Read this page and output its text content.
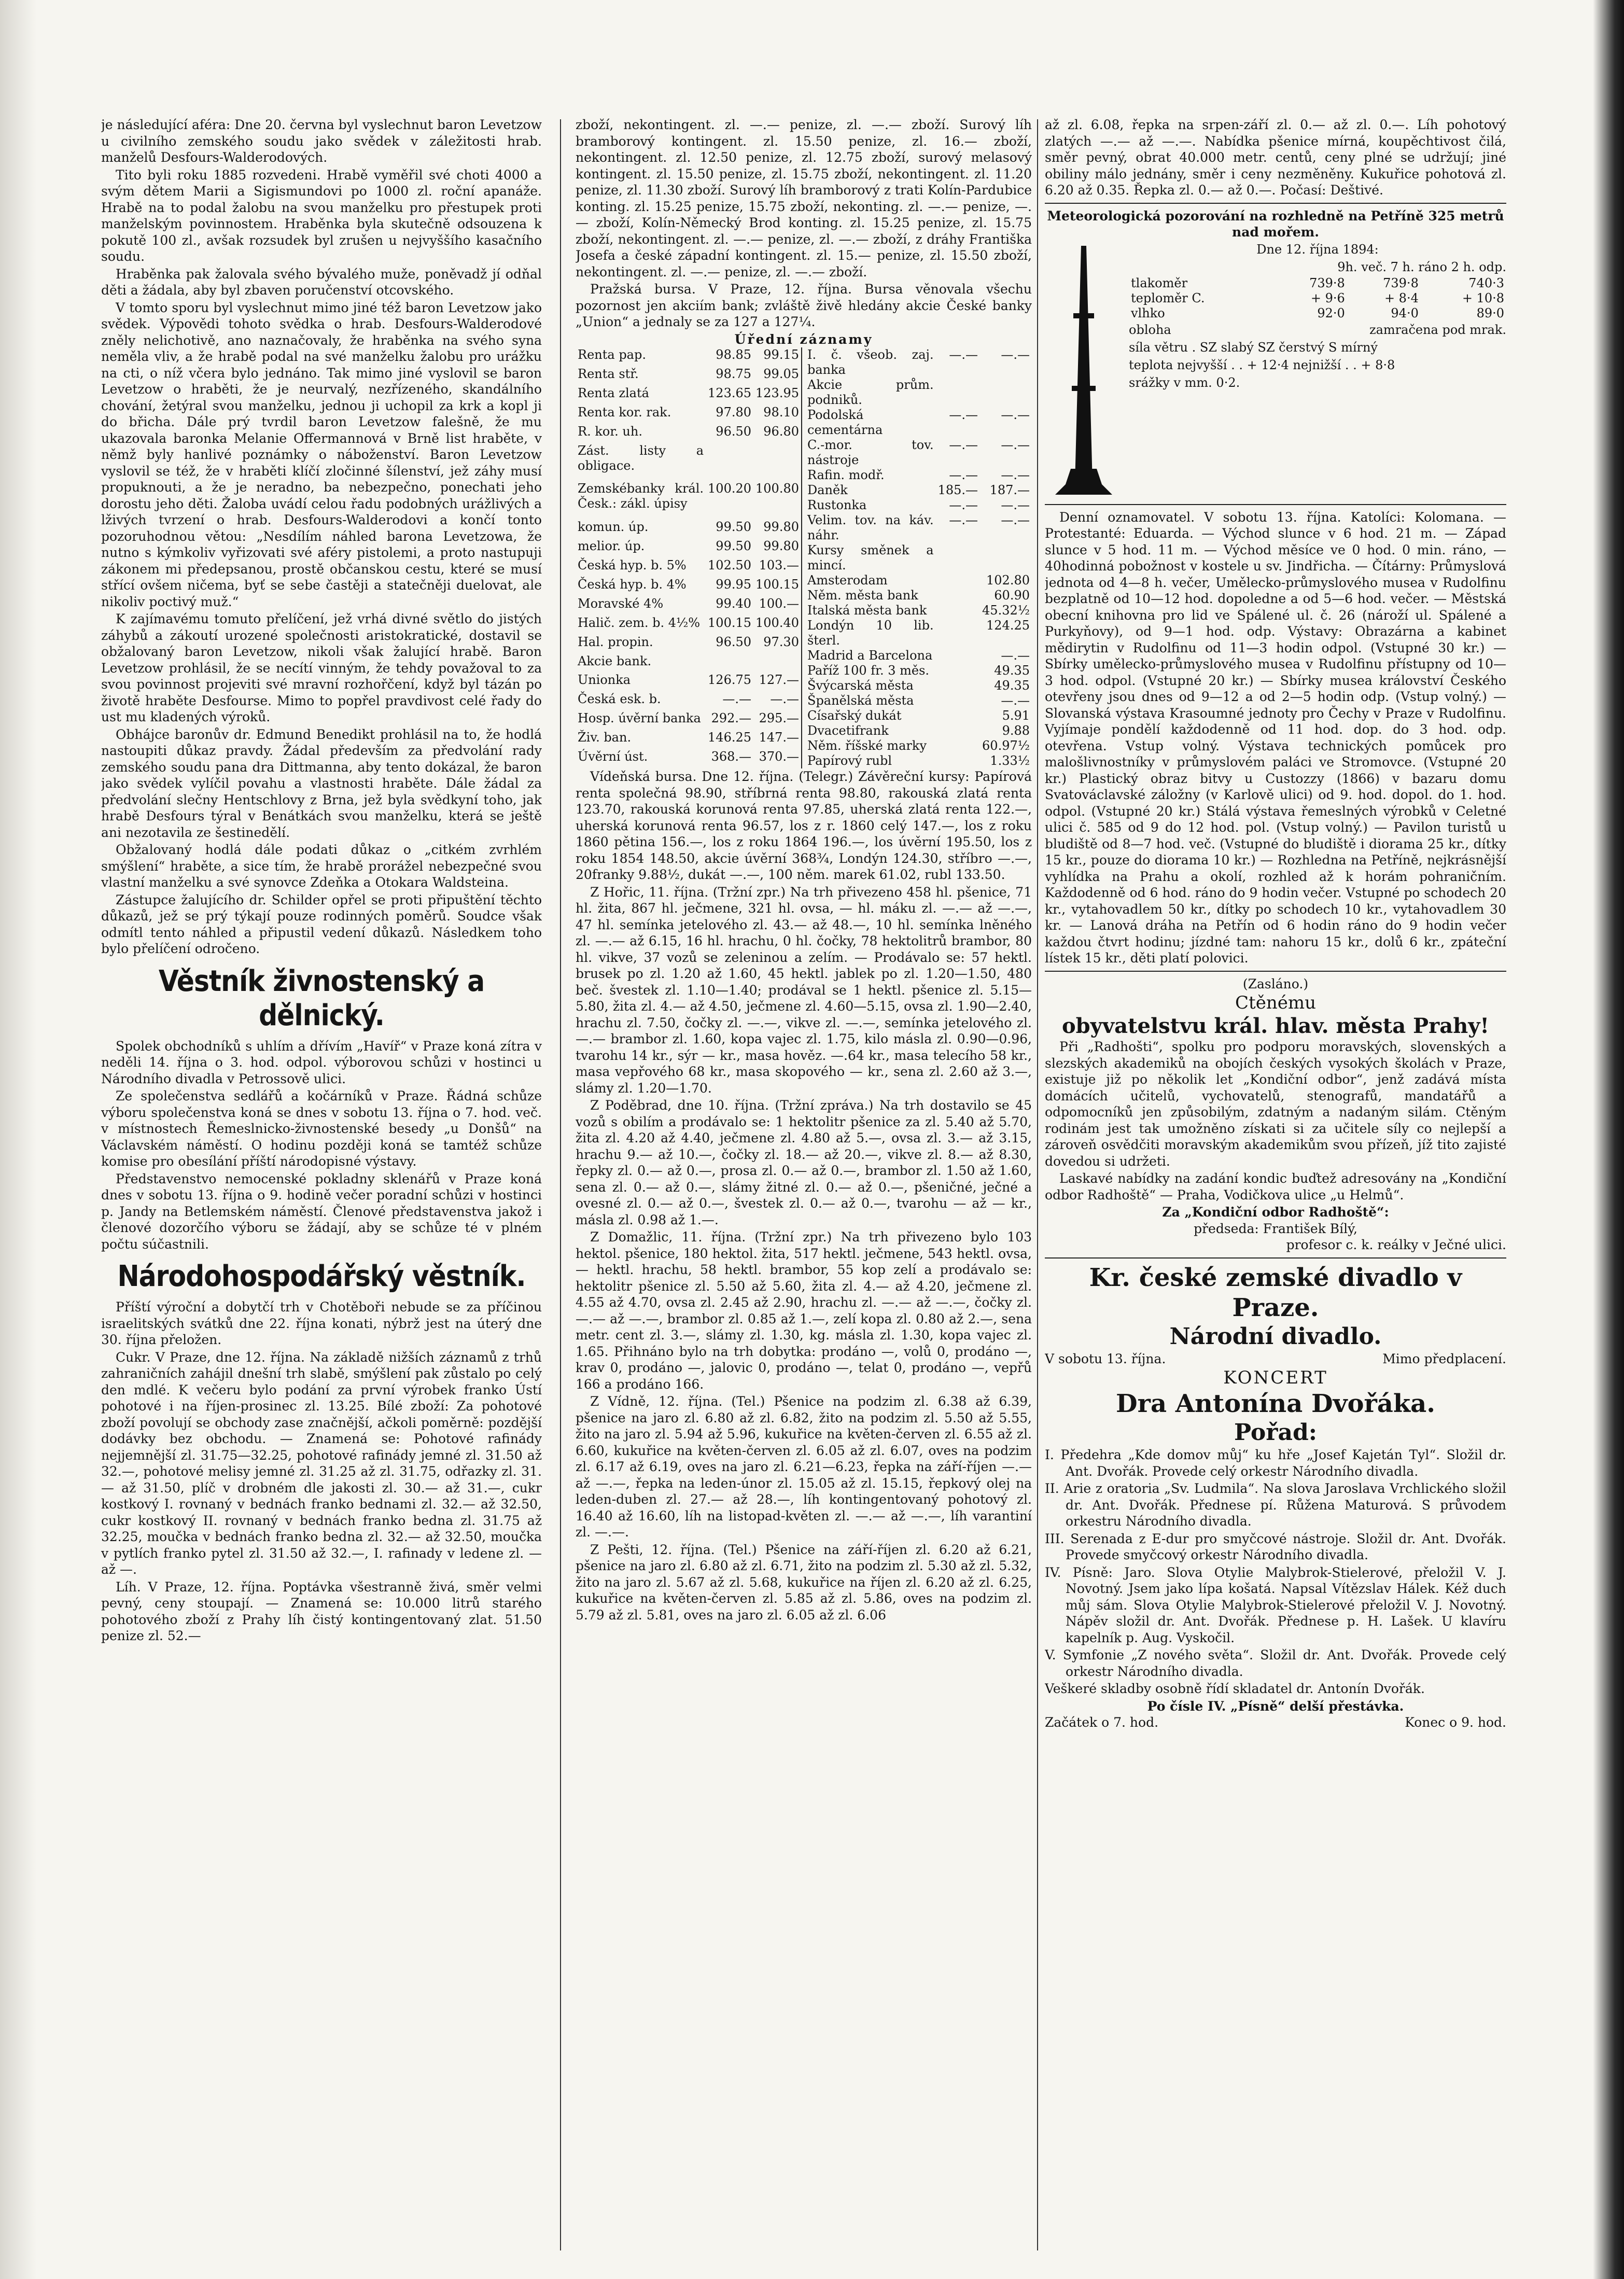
je následující aféra: Dne 20. června byl vyslechnut baron Levetzow u civilního zemského soudu jako svědek v záležitosti hrab. manželů Desfours-Walderodových.

Tito byli roku 1885 rozvedeni. Hrabě vyměřil své choti 4000 a svým dětem Marii a Sigismundovi po 1000 zl. roční apanáže. Hrabě na to podal žalobu na svou manželku pro přestupek proti manželským povinnostem. Hraběnka byla skutečně odsouzena k pokutě 100 zl., avšak rozsudek byl zrušen u nejvyššího kasačního soudu.

Hraběnka pak žalovala svého bývalého muže, poněvadž jí odňal děti a žádala, aby byl zbaven poručenství otcovského.

V tomto sporu byl vyslechnut mimo jiné též baron Levetzow jako svědek. Výpovědi tohoto svědka o hrab. Desfours-Walderodové zněly nelichotivě, ano naznačovaly, že hraběnka na svého syna neměla vliv, a že hrabě podal na své manželku žalobu pro urážku na cti, o níž včera bylo jednáno. Tak mimo jiné vyslovil se baron Levetzow o hraběti, že je neurvalý, nezřízeného, skandálního chování, žetýral svou manželku, jednou ji uchopil za krk a kopl ji do břicha. Dále prý tvrdil baron Levetzow falešně, že mu ukazovala baronka Melanie Offermannová v Brně list hraběte, v němž byly hanlivé poznámky o náboženství. Baron Levetzow vyslovil se též, že v hraběti klíčí zločinné šílenství, jež záhy musí propuknouti, a že je neradno, ba nebezpečno, ponechati jeho dorostu jeho děti. Žaloba uvádí celou řadu podobných urážlivých a lživých tvrzení o hrab. Desfours-Walderodovi a končí tonto pozoruhodnou větou: „Nesdílím náhled barona Levetzowa, že nutno s kýmkoliv vyřizovati své aféry pistolemi, a proto nastupuji zákonem mi předepsanou, prostě občanskou cestu, které se musí střící ovšem ničema, byť se sebe častěji a statečněji duelovat, ale nikoliv poctivý muž.“

K zajímavému tomuto přelíčení, jež vrhá divné světlo do jistých záhybů a zákoutí urozené společnosti aristokratické, dostavil se obžalovaný baron Levetzow, nikoli však žalující hrabě. Baron Levetzow prohlásil, že se necítí vinným, že tehdy považoval to za svou povinnost projeviti své mravní rozhořčení, když byl tázán po životě hraběte Desfourse. Mimo to popřel pravdivost celé řady do ust mu kladených výroků.

Obhájce baronův dr. Edmund Benedikt prohlásil na to, že hodlá nastoupiti důkaz pravdy. Žádal především za předvolání rady zemského soudu pana dra Dittmanna, aby tento dokázal, že baron jako svědek vylíčil povahu a vlastnosti hraběte. Dále žádal za předvolání slečny Hentschlovy z Brna, jež byla svědkyní toho, jak hrabě Desfours týral v Benátkách svou manželku, která se ještě ani nezotavila ze šestinedělí.

Obžalovaný hodlá dále podati důkaz o „citkém zvrhlém smýšlení“ hraběte, a sice tím, že hrabě prorážel nebezpečné svou vlastní manželku a své synovce Zdeňka a Otokara Waldsteina.

Zástupce žalujícího dr. Schilder opřel se proti připuštění těchto důkazů, jež se prý týkají pouze rodinných poměrů. Soudce však odmítl tento náhled a připustil vedení důkazů. Následkem toho bylo přelíčení odročeno.

Věstník živnostenský a dělnický.

Spolek obchodníků s uhlím a dřívím „Havíř“ v Praze koná zítra v neděli 14. října o 3. hod. odpol. výborovou schůzi v hostinci u Národního divadla v Petrossově ulici.

Ze společenstva sedlářů a kočárníků v Praze. Řádná schůze výboru společenstva koná se dnes v sobotu 13. října o 7. hod. več. v místnostech Řemeslnicko-živnostenské besedy „u Donšů“ na Václavském náměstí. O hodinu později koná se tamtéž schůze komise pro obesílání příští národopisné výstavy.

Představenstvo nemocenské pokladny sklenářů v Praze koná dnes v sobotu 13. října o 9. hodině večer poradní schůzi v hostinci p. Jandy na Betlemském náměstí. Členové představenstva jakož i členové dozorčího výboru se žádají, aby se schůze té v plném počtu súčastnili.

Národohospodářský věstník.

Příští výroční a dobytčí trh v Chotěboři nebude se za příčinou israelitských svátků dne 22. října konati, nýbrž jest na úterý dne 30. října přeložen.

Cukr. V Praze, dne 12. října. Na základě nižších záznamů z trhů zahraničních zahájil dnešní trh slabě, smýšlení pak zůstalo po celý den mdlé. K večeru bylo podání za první výrobek franko Ústí pohotové i na říjen-prosinec zl. 13.25. Bílé zboží: Za pohotové zboží povolují se obchody zase značnější, ačkoli poměrně: pozdější dodávky bez obchodu. — Znamená se: Pohotové rafinády nejjemnější zl. 31.75—32.25, pohotové rafinády jemné zl. 31.50 až 32.—, pohotové melisy jemné zl. 31.25 až zl. 31.75, odřazky zl. 31.— až 31.50, plíč v drobném dle jakosti zl. 30.— až 31.—, cukr kostkový I. rovnaný v bednách franko bednami zl. 32.— až 32.50, cukr kostkový II. rovnaný v bednách franko bedna zl. 31.75 až 32.25, moučka v bednách franko bedna zl. 32.— až 32.50, moučka v pytlích franko pytel zl. 31.50 až 32.—, I. rafinady v ledene zl. — až —.

Líh. V Praze, 12. října. Poptávka všestranně živá, směr velmi pevný, ceny stoupají. — Znamená se: 10.000 litrů starého pohotového zboží z Prahy líh čistý kontingentovaný zlat. 51.50 penize zl. 52.—

zboží, nekontingent. zl. —.— penize, zl. —.— zboží. Surový líh bramborový kontingent. zl. 15.50 penize, zl. 16.— zboží, nekontingent. zl. 12.50 penize, zl. 12.75 zboží, surový melasový kontingent. zl. 15.50 penize, zl. 15.75 zboží, nekontingent. zl. 11.20 penize, zl. 11.30 zboží. Surový líh bramborový z trati Kolín-Pardubice konting. zl. 15.25 penize, 15.75 zboží, nekonting. zl. —.— penize, —.— zboží, Kolín-Německý Brod konting. zl. 15.25 penize, zl. 15.75 zboží, nekontingent. zl. —.— penize, zl. —.— zboží, z dráhy Františka Josefa a české západní kontingent. zl. 15.— penize, zl. 15.50 zboží, nekontingent. zl. —.— penize, zl. —.— zboží.

Pražská bursa. V Praze, 12. října. Bursa věnovala všechu pozornost jen akciím bank; zvláště živě hledány akcie České banky „Union“ a jednaly se za 127 a 127¼.

Úřední záznamy
Renta pap.	98.85	99.15
Renta stř.	98.75	99.05
Renta zlatá	123.65	123.95
Renta kor. rak.	97.80	98.10
R. kor. uh.	96.50	96.80
Zást. listy a obligace.		
Zemskébanky král. Česk.: zákl. úpisy	100.20	100.80
komun. úp.	99.50	99.80
melior. úp.	99.50	99.80
Česká hyp. b. 5%	102.50	103.—
Česká hyp. b. 4%	99.95	100.15
Moravské 4%	99.40	100.—
Halič. zem. b. 4½%	100.15	100.40
Hal. propin.	96.50	97.30
Akcie bank.		
Unionka	126.75	127.—
Česká esk. b.	—.—	—.—
Hosp. úvěrní banka	292.—	295.—
Živ. ban.	146.25	147.—
Úvěrní úst.	368.—	370.—
I. č. všeob. zaj. banka	—.—	—.—
Akcie prům. podniků.		
Podolská cementárna	—.—	—.—
C.-mor. tov. nástroje	—.—	—.—
Rafin. modř.	—.—	—.—
Daněk	185.—	187.—
Rustonka	—.—	—.—
Velim. tov. na káv. náhr.	—.—	—.—
Kursy směnek a mincí.		
Amsterodam		102.80
Něm. města bank		60.90
Italská města bank		45.32½
Londýn 10 lib. šterl.		124.25
Madrid a Barcelona		—.—
Paříž 100 fr. 3 měs.		49.35
Švýcarská města		49.35
Španělská města		—.—
Císařský dukát		5.91
Dvacetifrank		9.88
Něm. říšské marky		60.97½
Papírový rubl		1.33½

Vídeňská bursa. Dne 12. října. (Telegr.) Závěreční kursy: Papírová renta společná 98.90, stříbrná renta 98.80, rakouská zlatá renta 123.70, rakouská korunová renta 97.85, uherská zlatá renta 122.—, uherská korunová renta 96.57, los z r. 1860 celý 147.—, los z roku 1860 pětina 156.—, los z roku 1864 196.—, los úvěrní 195.50, los z roku 1854 148.50, akcie úvěrní 368¾, Londýn 124.30, stříbro —.—, 20franky 9.88½, dukát —.—, 100 něm. marek 61.02, rubl 133.50.

Z Hořic, 11. října. (Tržní zpr.) Na trh přivezeno 458 hl. pšenice, 71 hl. žita, 867 hl. ječmene, 321 hl. ovsa, — hl. máku zl. —.— až —.—, 47 hl. semínka jetelového zl. 43.— až 48.—, 10 hl. semínka lněného zl. —.— až 6.15, 16 hl. hrachu, 0 hl. čočky, 78 hektolitrů brambor, 80 hl. vikve, 37 vozů se zeleninou a zelím. — Prodávalo se: 57 hektl. brusek po zl. 1.20 až 1.60, 45 hektl. jablek po zl. 1.20—1.50, 480 beč. švestek zl. 1.10—1.40; prodával se 1 hektl. pšenice zl. 5.15—5.80, žita zl. 4.— až 4.50, ječmene zl. 4.60—5.15, ovsa zl. 1.90—2.40, hrachu zl. 7.50, čočky zl. —.—, vikve zl. —.—, semínka jetelového zl. —.— brambor zl. 1.60, kopa vajec zl. 1.75, kilo másla zl. 0.90—0.96, tvarohu 14 kr., sýr — kr., masa hověz. —.64 kr., masa telecího 58 kr., masa vepřového 68 kr., masa skopového — kr., sena zl. 2.60 až 3.—, slámy zl. 1.20—1.70.

Z Poděbrad, dne 10. října. (Tržní zpráva.) Na trh dostavilo se 45 vozů s obilím a prodávalo se: 1 hektolitr pšenice za zl. 5.40 až 5.70, žita zl. 4.20 až 4.40, ječmene zl. 4.80 až 5.—, ovsa zl. 3.— až 3.15, hrachu 9.— až 10.—, čočky zl. 18.— až 20.—, vikve zl. 8.— až 8.30, řepky zl. 0.— až 0.—, prosa zl. 0.— až 0.—, brambor zl. 1.50 až 1.60, sena zl. 0.— až 0.—, slámy žitné zl. 0.— až 0.—, pšeničné, ječné a ovesné zl. 0.— až 0.—, švestek zl. 0.— až 0.—, tvarohu — až — kr., másla zl. 0.98 až 1.—.

Z Domažlic, 11. října. (Tržní zpr.) Na trh přivezeno bylo 103 hektol. pšenice, 180 hektol. žita, 517 hektl. ječmene, 543 hektl. ovsa, — hektl. hrachu, 58 hektl. brambor, 55 kop zelí a prodávalo se: hektolitr pšenice zl. 5.50 až 5.60, žita zl. 4.— až 4.20, ječmene zl. 4.55 až 4.70, ovsa zl. 2.45 až 2.90, hrachu zl. —.— až —.—, čočky zl. —.— až —.—, brambor zl. 0.85 až 1.—, zelí kopa zl. 0.80 až 2.—, sena metr. cent zl. 3.—, slámy zl. 1.30, kg. másla zl. 1.30, kopa vajec zl. 1.65. Přihnáno bylo na trh dobytka: prodáno —, volů 0, prodáno —, krav 0, prodáno —, jalovic 0, prodáno —, telat 0, prodáno —, vepřů 166 a prodáno 166.

Z Vídně, 12. října. (Tel.) Pšenice na podzim zl. 6.38 až 6.39, pšenice na jaro zl. 6.80 až zl. 6.82, žito na podzim zl. 5.50 až 5.55, žito na jaro zl. 5.94 až 5.96, kukuřice na květen-červen zl. 6.55 až zl. 6.60, kukuřice na květen-červen zl. 6.05 až zl. 6.07, oves na podzim zl. 6.17 až 6.19, oves na jaro zl. 6.21—6.23, řepka na září-říjen —.— až —.—, řepka na leden-únor zl. 15.05 až zl. 15.15, řepkový olej na leden-duben zl. 27.— až 28.—, líh kontingentovaný pohotový zl. 16.40 až 16.60, líh na listopad-květen zl. —.— až —.—, líh varantiní zl. —.—.

Z Pešti, 12. října. (Tel.) Pšenice na září-říjen zl. 6.20 až 6.21, pšenice na jaro zl. 6.80 až zl. 6.71, žito na podzim zl. 5.30 až zl. 5.32, žito na jaro zl. 5.67 až zl. 5.68, kukuřice na říjen zl. 6.20 až zl. 6.25, kukuřice na květen-červen zl. 5.85 až zl. 5.86, oves na podzim zl. 5.79 až zl. 5.81, oves na jaro zl. 6.05 až zl. 6.06

až zl. 6.08, řepka na srpen-září zl. 0.— až zl. 0.—. Líh pohotový zlatých —.— až —.—. Nabídka pšenice mírná, koupěchtivost čilá, směr pevný, obrat 40.000 metr. centů, ceny plné se udržují; jiné obiliny málo jednány, směr i ceny nezměněny. Kukuřice pohotová zl. 6.20 až 0.35. Řepka zl. 0.— až 0.—. Počasí: Deštivé.

Meteorologická pozorování na rozhledně na Petříně 325 metrů nad mořem.
Dne 12. října 1894:
9h. več. 7 h. ráno 2 h. odp.
tlakoměr	739·8	739·8	740·3
teploměr C.	+ 9·6	+ 8·4	+ 10·8
vlhko	92·0	94·0	89·0
obloha	zamračena pod mrak.
síla větru . SZ slabý SZ čerstvý S mírný
teplota nejvyšší . . + 12·4 nejnižší . . + 8·8
srážky v mm. 0·2.

Denní oznamovatel. V sobotu 13. října. Katolíci: Kolomana. — Protestanté: Eduarda. — Východ slunce v 6 hod. 21 m. — Západ slunce v 5 hod. 11 m. — Východ měsíce ve 0 hod. 0 min. ráno, — 40hodinná pobožnost v kostele u sv. Jindřicha. — Čítárny: Průmyslová jednota od 4—8 h. večer, Umělecko-průmyslového musea v Rudolfinu bezplatně od 10—12 hod. dopoledne a od 5—6 hod. večer. — Městská obecní knihovna pro lid ve Spálené ul. č. 26 (nároží ul. Spálené a Purkyňovy), od 9—1 hod. odp. Výstavy: Obrazárna a kabinet mědirytin v Rudolfinu od 11—3 hodin odpol. (Vstupné 30 kr.) — Sbírky umělecko-průmyslového musea v Rudolfinu přístupny od 10—3 hod. odpol. (Vstupné 20 kr.) — Sbírky musea království Českého otevřeny jsou dnes od 9—12 a od 2—5 hodin odp. (Vstup volný.) — Slovanská výstava Krasoumné jednoty pro Čechy v Praze v Rudolfinu. Vyjímaje pondělí každodenně od 11 hod. dop. do 3 hod. odp. otevřena. Vstup volný. Výstava technických pomůcek pro malošlivnostníky v průmyslovém paláci ve Stromovce. (Vstupné 20 kr.) Plastický obraz bitvy u Custozzy (1866) v bazaru domu Svatováclavské záložny (v Karlově ulici) od 9. hod. dopol. do 1. hod. odpol. (Vstupné 20 kr.) Stálá výstava řemeslných výrobků v Celetné ulici č. 585 od 9 do 12 hod. pol. (Vstup volný.) — Pavilon turistů u bludiště od 8—7 hod. več. (Vstupné do bludiště i diorama 25 kr., dítky 15 kr., pouze do diorama 10 kr.) — Rozhledna na Petříně, nejkrásnější vyhlídka na Prahu a okolí, rozhled až k horám pohraničním. Každodenně od 6 hod. ráno do 9 hodin večer. Vstupné po schodech 20 kr., vytahovadlem 50 kr., dítky po schodech 10 kr., vytahovadlem 30 kr. — Lanová dráha na Petřín od 6 hodin ráno do 9 hodin večer každou čtvrt hodinu; jízdné tam: nahoru 15 kr., dolů 6 kr., zpáteční lístek 15 kr., děti platí polovici.

(Zasláno.)
Ctěnému
obyvatelstvu král. hlav. města Prahy!

Při „Radhošti“, spolku pro podporu moravských, slovenských a slezských akademiků na obojích českých vysokých školách v Praze, existuje již po několik let „Kondiční odbor“, jenž zadává místa domácích učitelů, vychovatelů, stenografů, mandatářů a odpomocníků jen způsobilým, zdatným a nadaným silám. Ctěným rodinám jest tak umožněno získati si za učitele síly co nejlepší a zároveň osvědčiti moravským akademikům svou přízeň, jíž tito zajisté dovedou si udržeti.

Laskavé nabídky na zadání kondic buďtež adresovány na „Kondiční odbor Radhoště“ — Praha, Vodičkova ulice „u Helmů“.

Za „Kondiční odbor Radhoště“:
předseda: František Bílý,
profesor c. k. reálky v Ječné ulici.
Kr. české zemské divadlo v Praze.
Národní divadlo.
V sobotu 13. října.	Mimo předplacení.
KONCERT
Dra Antonína Dvořáka.
Pořad:

I. Předehra „Kde domov můj“ ku hře „Josef Kajetán Tyl“. Složil dr. Ant. Dvořák. Provede celý orkestr Národního divadla.

II. Arie z oratoria „Sv. Ludmila“. Na slova Jaroslava Vrchlického složil dr. Ant. Dvořák. Přednese pí. Růžena Maturová. S průvodem orkestru Národního divadla.

III. Serenada z E-dur pro smyčcové nástroje. Složil dr. Ant. Dvořák. Provede smyčcový orkestr Národního divadla.

IV. Písně: Jaro. Slova Otylie Malybrok-Stielerové, přeložil V. J. Novotný. Jsem jako lípa košatá. Napsal Vítězslav Hálek. Kéž duch můj sám. Slova Otylie Malybrok-Stielerové přeložil V. J. Novotný. Nápěv složil dr. Ant. Dvořák. Přednese p. H. Lašek. U klavíru kapelník p. Aug. Vyskočil.

V. Symfonie „Z nového světa“. Složil dr. Ant. Dvořák. Provede celý orkestr Národního divadla.

Veškeré skladby osobně řídí skladatel dr. Antonín Dvořák.

Po čísle IV. „Písně“ delší přestávka.
Začátek o 7. hod.	Konec o 9. hod.
